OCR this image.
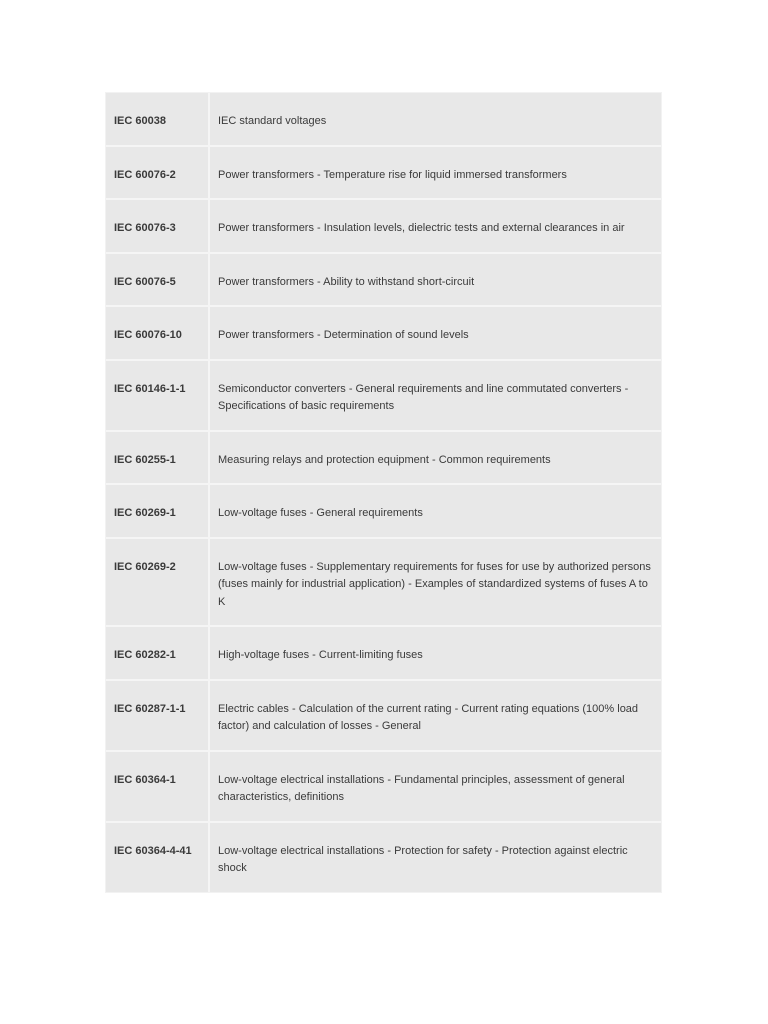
IEC 60038	IEC standard voltages
IEC 60076-2	Power transformers - Temperature rise for liquid immersed transformers
IEC 60076-3	Power transformers - Insulation levels, dielectric tests and external clearances in air
IEC 60076-5	Power transformers - Ability to withstand short-circuit
IEC 60076-10	Power transformers - Determination of sound levels
IEC 60146-1-1	Semiconductor converters - General requirements and line commutated converters - Specifications of basic requirements
IEC 60255-1	Measuring relays and protection equipment - Common requirements
IEC 60269-1	Low-voltage fuses - General requirements
IEC 60269-2	Low-voltage fuses - Supplementary requirements for fuses for use by authorized persons (fuses mainly for industrial application) - Examples of standardized systems of fuses A to K
IEC 60282-1	High-voltage fuses - Current-limiting fuses
IEC 60287-1-1	Electric cables - Calculation of the current rating - Current rating equations (100% load factor) and calculation of losses - General
IEC 60364-1	Low-voltage electrical installations - Fundamental principles, assessment of general characteristics, definitions
IEC 60364-4-41	Low-voltage electrical installations - Protection for safety - Protection against electric shock
